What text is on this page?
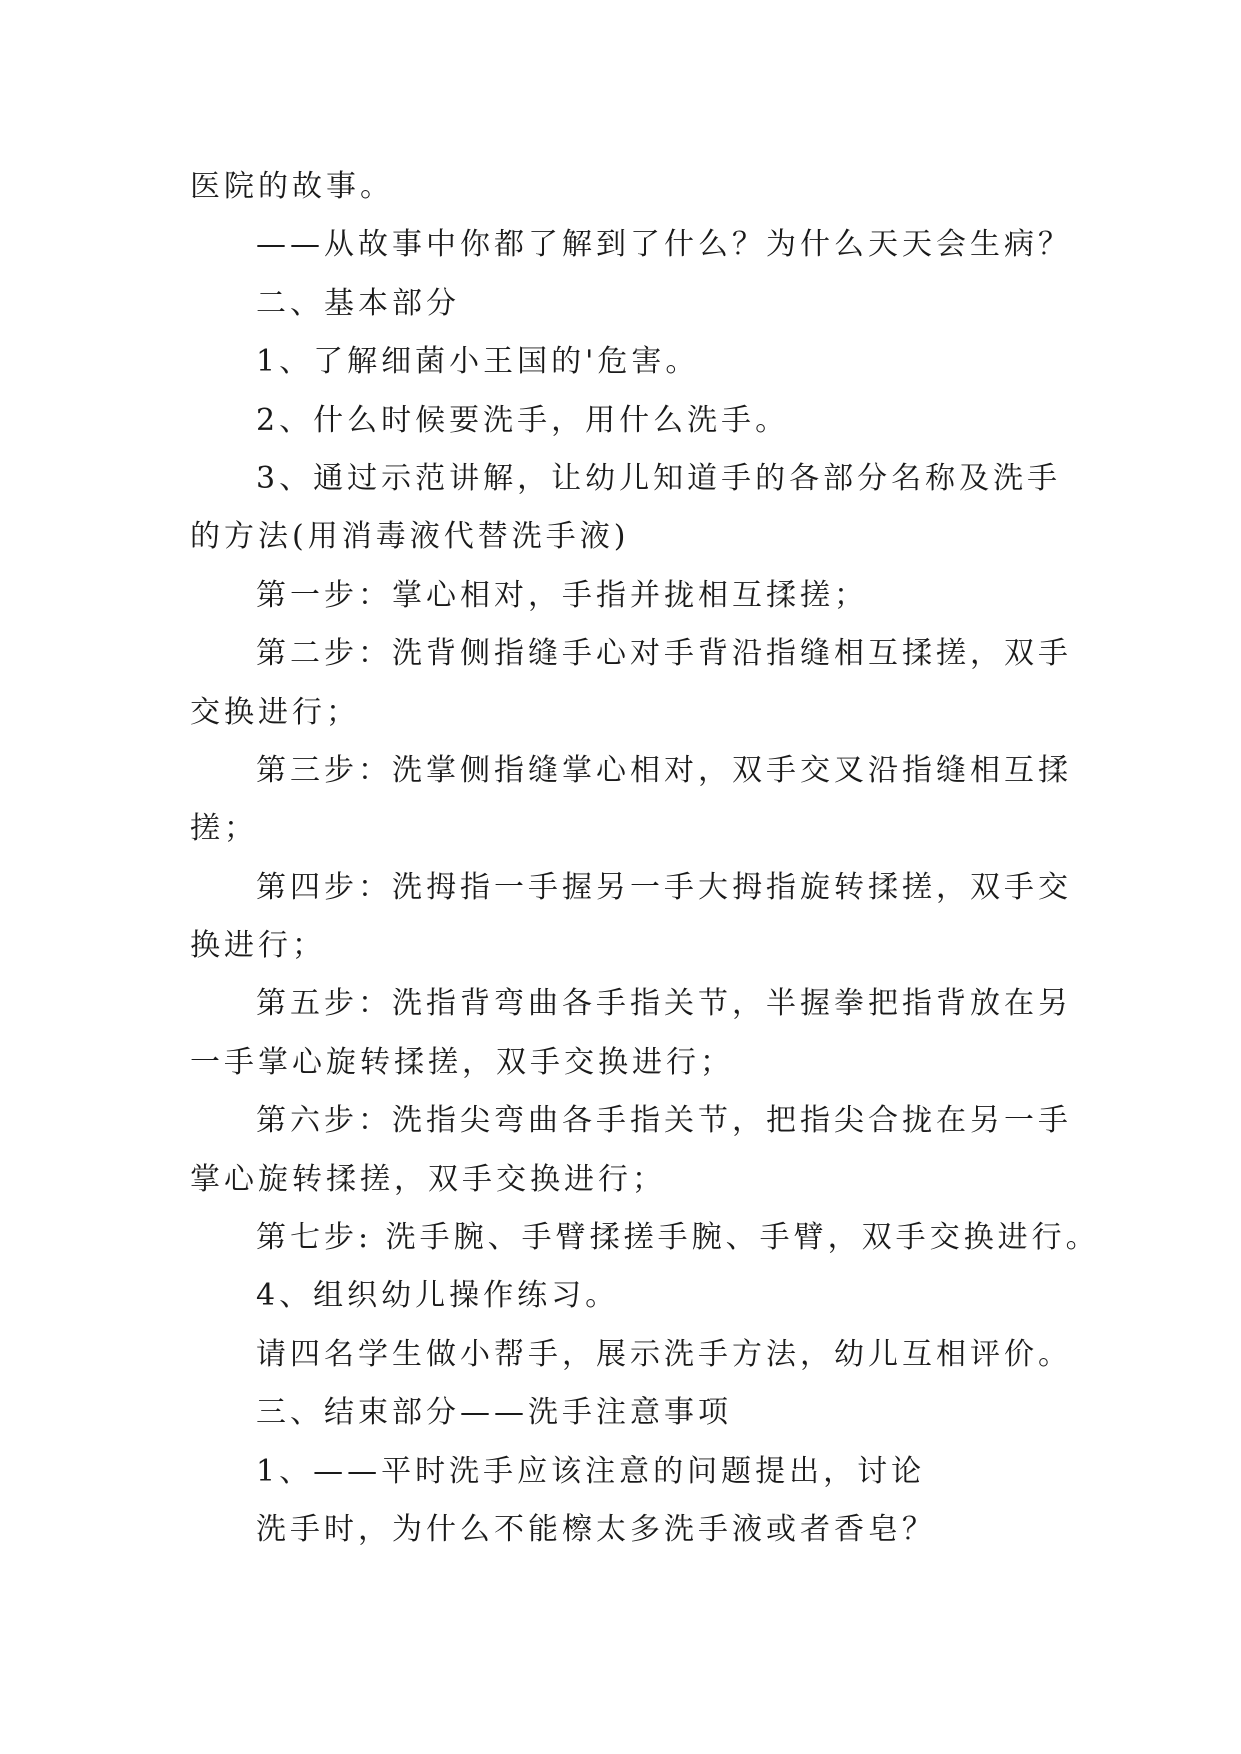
医院的故事。
——从故事中你都了解到了什么？为什么天天会生病？
二、基本部分
1、了解细菌小王国的'危害。
2、什么时候要洗手，用什么洗手。
3、通过示范讲解，让幼儿知道手的各部分名称及洗手
的方法(用消毒液代替洗手液)
第一步：掌心相对，手指并拢相互揉搓；
第二步：洗背侧指缝手心对手背沿指缝相互揉搓，双手
交换进行；
第三步：洗掌侧指缝掌心相对，双手交叉沿指缝相互揉
搓；
第四步：洗拇指一手握另一手大拇指旋转揉搓，双手交
换进行；
第五步：洗指背弯曲各手指关节，半握拳把指背放在另
一手掌心旋转揉搓，双手交换进行；
第六步：洗指尖弯曲各手指关节，把指尖合拢在另一手
掌心旋转揉搓，双手交换进行；
第七步: 洗手腕、手臂揉搓手腕、手臂，双手交换进行。
4、组织幼儿操作练习。
请四名学生做小帮手，展示洗手方法，幼儿互相评价。
三、结束部分——洗手注意事项
1、——平时洗手应该注意的问题提出，讨论
洗手时，为什么不能檫太多洗手液或者香皂？
